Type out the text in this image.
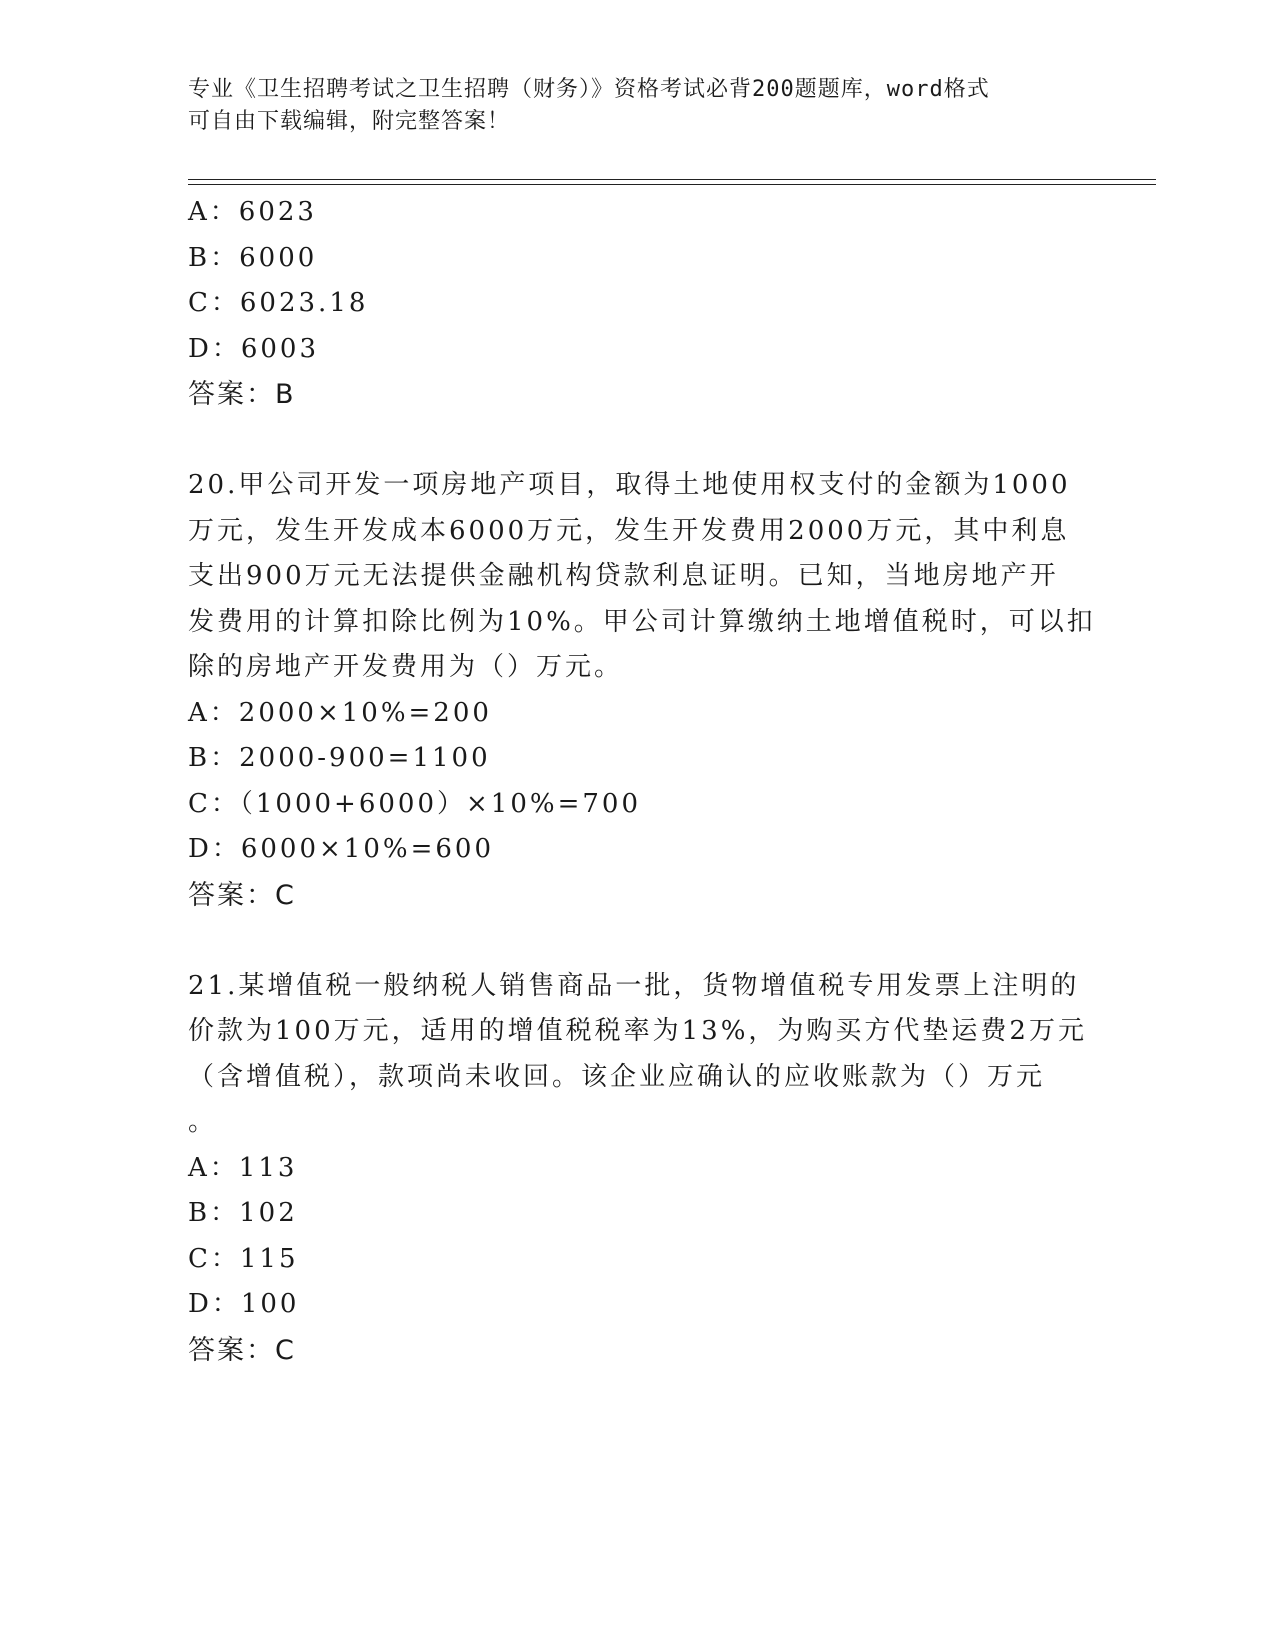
专业《卫生招聘考试之卫生招聘（财务）》资格考试必背200题题库，word格式
可自由下载编辑，附完整答案！
A：6023
B：6000
C：6023.18
D：6003
答案：B
20.甲公司开发一项房地产项目，取得土地使用权支付的金额为1000
万元，发生开发成本6000万元，发生开发费用2000万元，其中利息
支出900万元无法提供金融机构贷款利息证明。已知，当地房地产开
发费用的计算扣除比例为10%。甲公司计算缴纳土地增值税时，可以扣
除的房地产开发费用为（）万元。
A：2000×10%=200
B：2000-900=1100
C：（1000+6000）×10%=700
D：6000×10%=600
答案：C
21.某增值税一般纳税人销售商品一批，货物增值税专用发票上注明的
价款为100万元，适用的增值税税率为13%，为购买方代垫运费2万元
（含增值税），款项尚未收回。该企业应确认的应收账款为（）万元
。
A：113
B：102
C：115
D：100
答案：C
